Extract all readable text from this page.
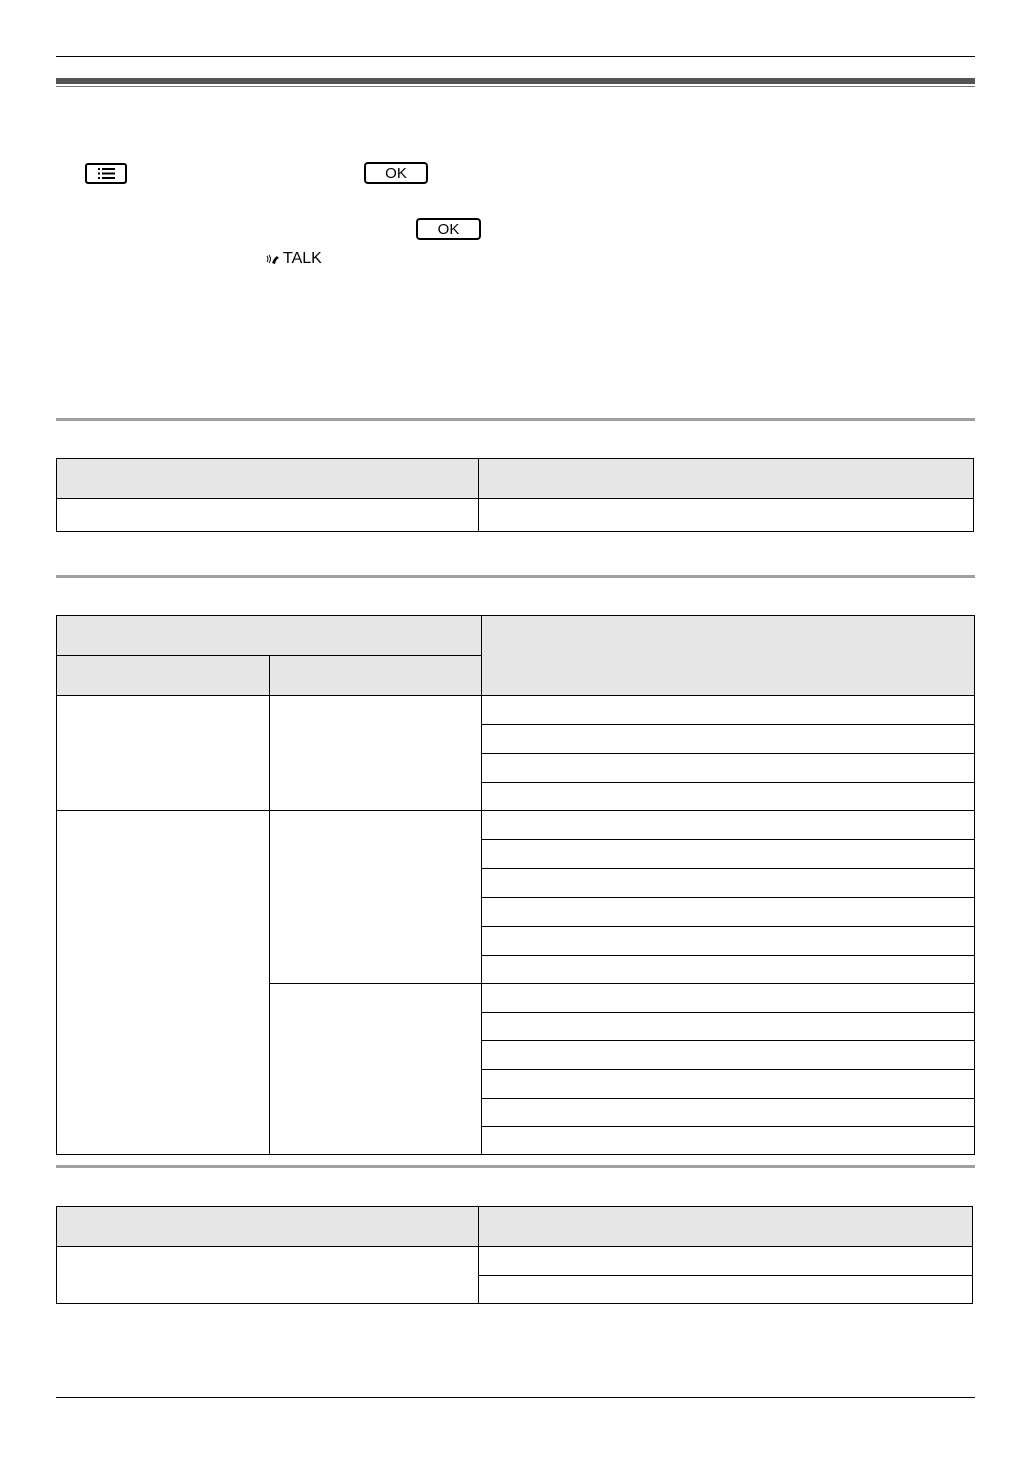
OK
OK
TALK
